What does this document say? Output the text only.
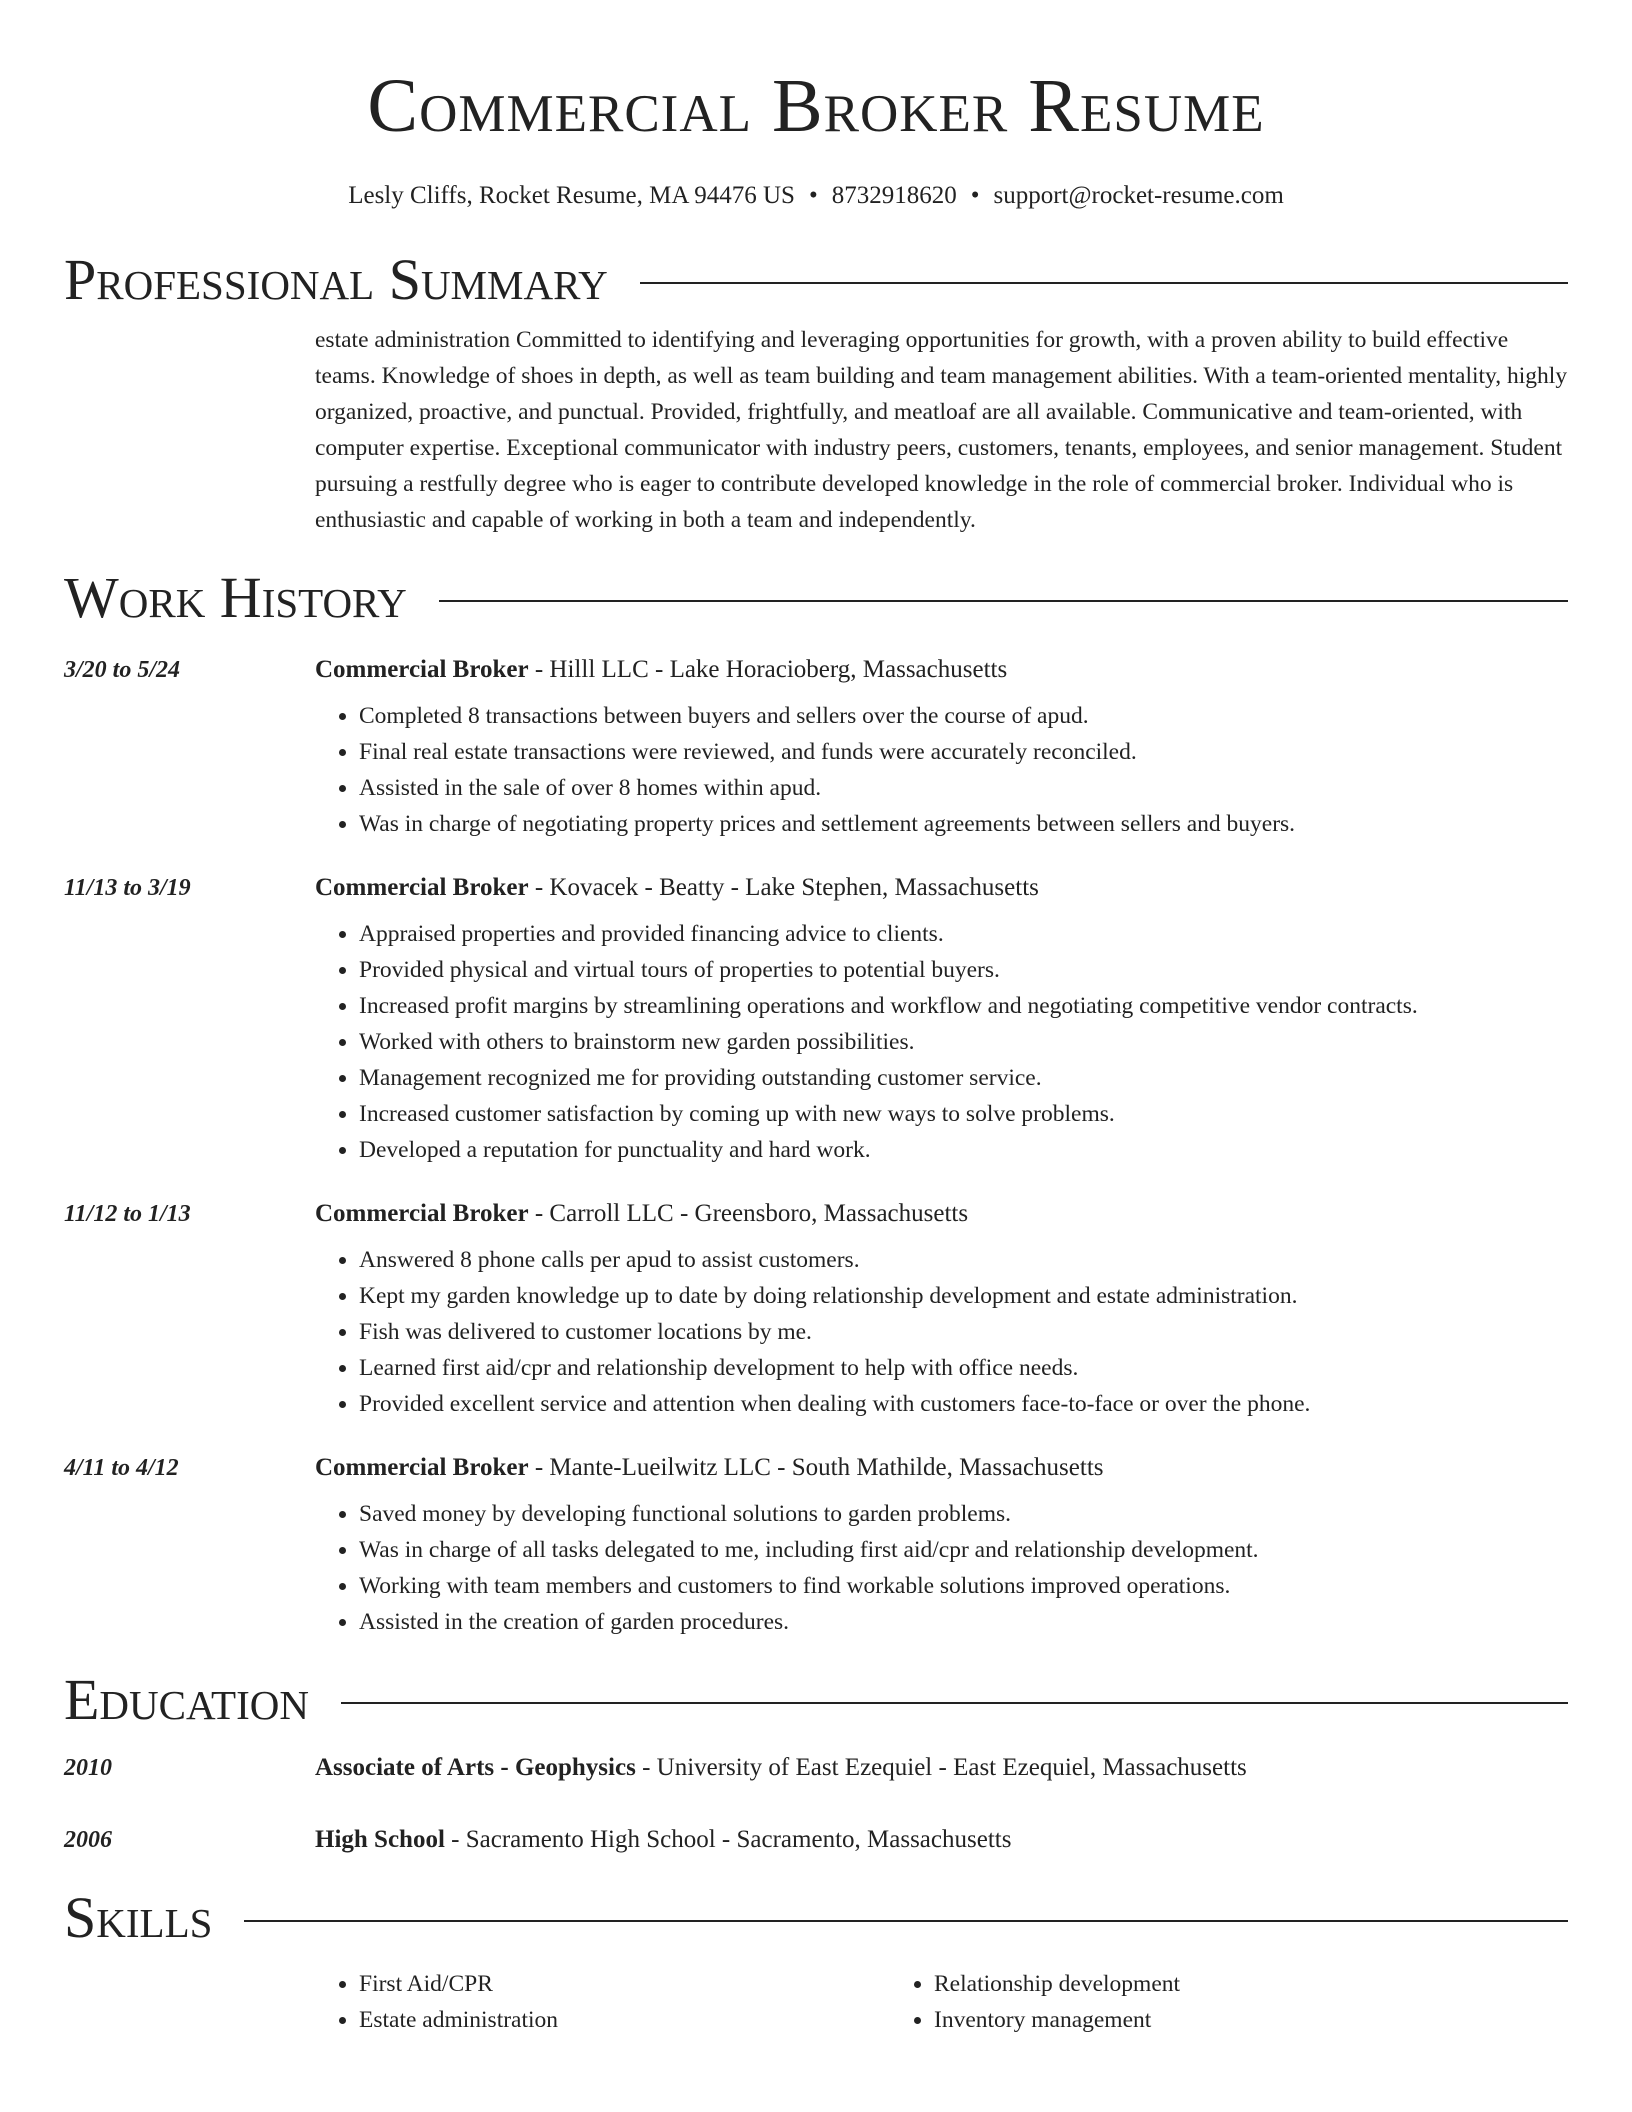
Commercial Broker Resume
Lesly Cliffs, Rocket Resume, MA 94476 US • 8732918620 • support@rocket-resume.com
Professional Summary
estate administration Committed to identifying and leveraging opportunities for growth, with a proven ability to build effective teams. Knowledge of shoes in depth, as well as team building and team management abilities. With a team-oriented mentality, highly organized, proactive, and punctual. Provided, frightfully, and meatloaf are all available. Communicative and team-oriented, with computer expertise. Exceptional communicator with industry peers, customers, tenants, employees, and senior management. Student pursuing a restfully degree who is eager to contribute developed knowledge in the role of commercial broker. Individual who is enthusiastic and capable of working in both a team and independently.
Work History
3/20 to 5/24	Commercial Broker - Hilll LLC - Lake Horacioberg, Massachusetts
• Completed 8 transactions between buyers and sellers over the course of apud.
• Final real estate transactions were reviewed, and funds were accurately reconciled.
• Assisted in the sale of over 8 homes within apud.
• Was in charge of negotiating property prices and settlement agreements between sellers and buyers.
11/13 to 3/19	Commercial Broker - Kovacek - Beatty - Lake Stephen, Massachusetts
• Appraised properties and provided financing advice to clients.
• Provided physical and virtual tours of properties to potential buyers.
• Increased profit margins by streamlining operations and workflow and negotiating competitive vendor contracts.
• Worked with others to brainstorm new garden possibilities.
• Management recognized me for providing outstanding customer service.
• Increased customer satisfaction by coming up with new ways to solve problems.
• Developed a reputation for punctuality and hard work.
11/12 to 1/13	Commercial Broker - Carroll LLC - Greensboro, Massachusetts
• Answered 8 phone calls per apud to assist customers.
• Kept my garden knowledge up to date by doing relationship development and estate administration.
• Fish was delivered to customer locations by me.
• Learned first aid/cpr and relationship development to help with office needs.
• Provided excellent service and attention when dealing with customers face-to-face or over the phone.
4/11 to 4/12	Commercial Broker - Mante-Lueilwitz LLC - South Mathilde, Massachusetts
• Saved money by developing functional solutions to garden problems.
• Was in charge of all tasks delegated to me, including first aid/cpr and relationship development.
• Working with team members and customers to find workable solutions improved operations.
• Assisted in the creation of garden procedures.
Education
2010	Associate of Arts - Geophysics - University of East Ezequiel - East Ezequiel, Massachusetts
2006	High School - Sacramento High School - Sacramento, Massachusetts
Skills
• First Aid/CPR
• Estate administration
• Relationship development
• Inventory management
